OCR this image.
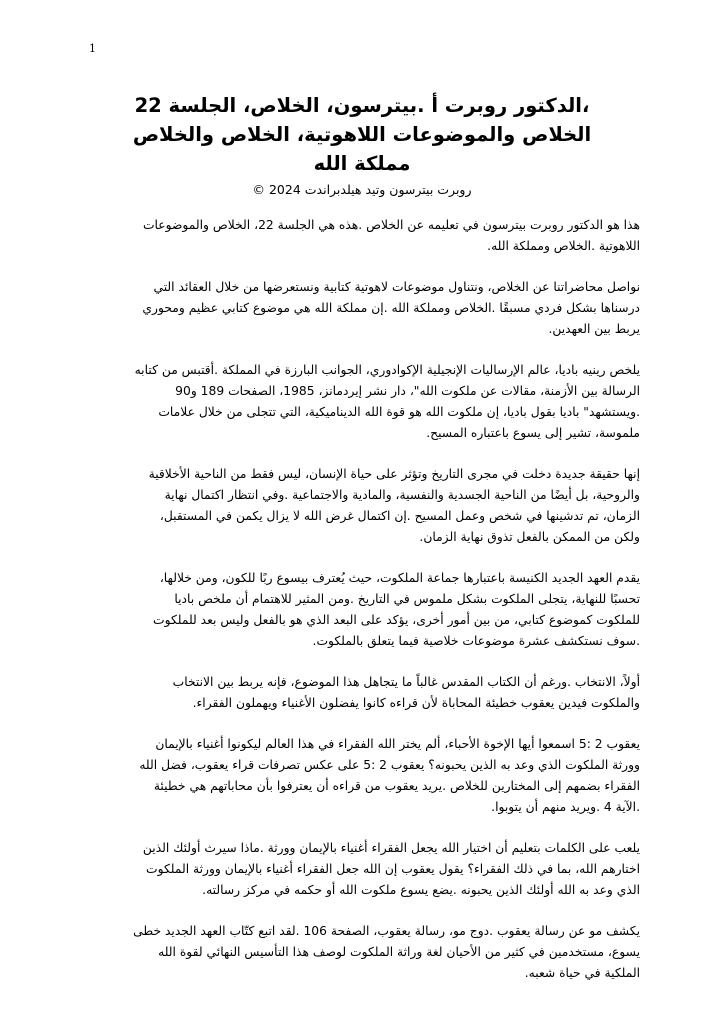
1
،الدكتور روبرت أ .بيترسون، الخلاص، الجلسة 22 الخلاص والموضوعات اللاهوتية، الخلاص والخلاص مملكة الله

روبرت بيترسون وتيد هيلدبراندت 2024 ©

هذا هو الدكتور روبرت بيترسون في تعليمه عن الخلاص .هذه هي الجلسة 22، الخلاص والموضوعات اللاهوتية .الخلاص ومملكة الله.

نواصل محاضراتنا عن الخلاص، ونتناول موضوعات لاهوتية كتابية ونستعرضها من خلال العقائد التي درسناها بشكل فردي مسبقًا .الخلاص ومملكة الله .إن مملكة الله هي موضوع كتابي عظيم ومحوري يربط بين العهدين.

يلخص رينيه باديا، عالم الإرساليات الإنجيلية الإكوادوري، الجوانب البارزة في المملكة .أقتبس من كتابه الرسالة بين الأزمنة، مقالات عن ملكوت الله"، دار نشر إيردمانز، 1985، الصفحات 189 و90 .ويستشهد" باديا بقول باديا، إن ملكوت الله هو قوة الله الديناميكية، التي تتجلى من خلال علامات ملموسة، تشير إلى يسوع باعتباره المسيح.

إنها حقيقة جديدة دخلت في مجرى التاريخ وتؤثر على حياة الإنسان، ليس فقط من الناحية الأخلاقية والروحية، بل أيضًا من الناحية الجسدية والنفسية، والمادية والاجتماعية .وفي انتظار اكتمال نهاية الزمان، تم تدشينها في شخص وعمل المسيح .إن اكتمال غرض الله لا يزال يكمن في المستقبل، ولكن من الممكن بالفعل تذوق نهاية الزمان.

يقدم العهد الجديد الكنيسة باعتبارها جماعة الملكوت، حيث يُعترف بيسوع ربًا للكون، ومن خلالها، تحسبًا للنهاية، يتجلى الملكوت بشكل ملموس في التاريخ .ومن المثير للاهتمام أن ملخص باديا للملكوت كموضوع كتابي، من بين أمور أخرى، يؤكد على البعد الذي هو بالفعل وليس بعد للملكوت .سوف نستكشف عشرة موضوعات خلاصية فيما يتعلق بالملكوت.

أولاً، الانتخاب .ورغم أن الكتاب المقدس غالباً ما يتجاهل هذا الموضوع، فإنه يربط بين الانتخاب والملكوت فيدين يعقوب خطيئة المحاباة لأن قراءه كانوا يفضلون الأغنياء ويهملون الفقراء.

يعقوب 2 :5 اسمعوا أيها الإخوة الأحباء، ألم يختر الله الفقراء في هذا العالم ليكونوا أغنياء بالإيمان وورثة الملكوت الذي وعد به الذين يحبونه؟ يعقوب 2 :5 على عكس تصرفات قراء يعقوب، فضل الله الفقراء بضمهم إلى المختارين للخلاص .يريد يعقوب من قراءه أن يعترفوا بأن محاباتهم هي خطيئة .الآية 4 .ويريد منهم أن يتوبوا.

يلعب على الكلمات بتعليم أن اختيار الله يجعل الفقراء أغنياء بالإيمان وورثة .ماذا سيرث أولئك الذين اختارهم الله، بما في ذلك الفقراء؟ يقول يعقوب إن الله جعل الفقراء أغنياء بالإيمان وورثة الملكوت الذي وعد به الله أولئك الذين يحبونه .يضع يسوع ملكوت الله أو حكمه في مركز رسالته.

يكشف مو عن رسالة يعقوب .دوج مو، رسالة يعقوب، الصفحة 106 .لقد اتبع كتّاب العهد الجديد خطى يسوع، مستخدمين في كثير من الأحيان لغة وراثة الملكوت لوصف هذا التأسيس النهائي لقوة الله الملكية في حياة شعبه.
